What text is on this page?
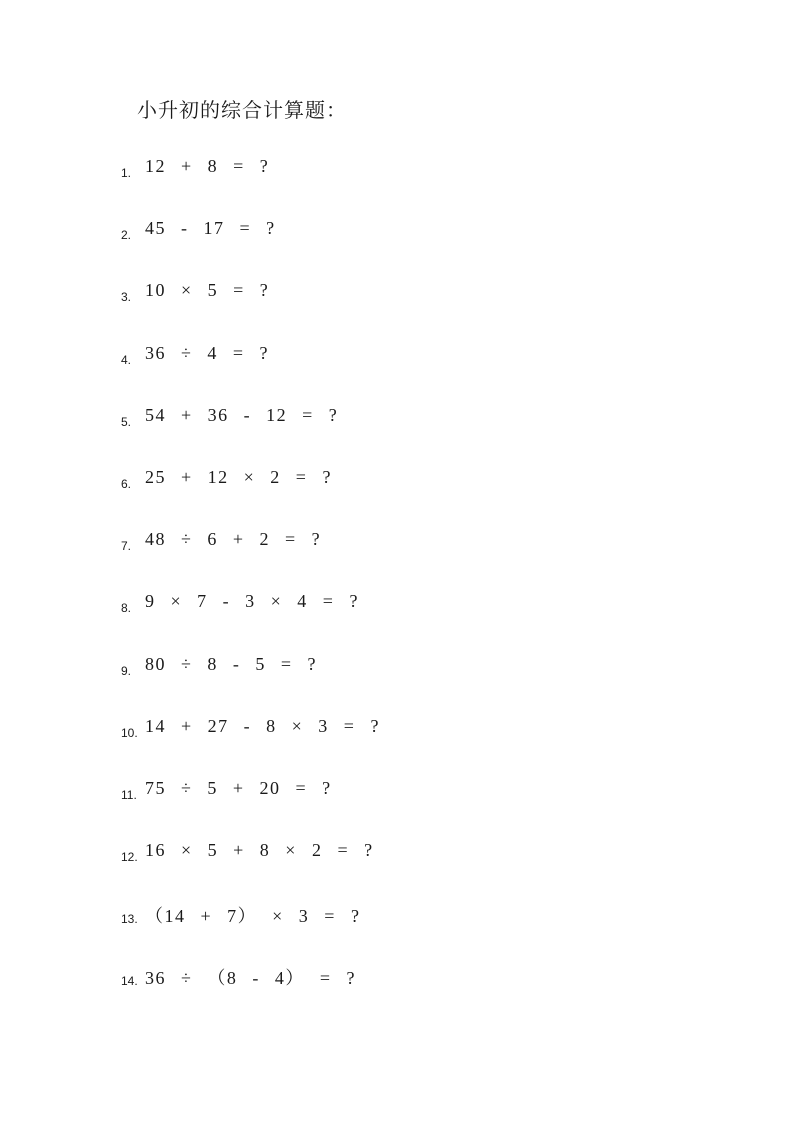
小升初的综合计算题：
1. 12 + 8 = ?
2. 45 - 17 = ?
3. 10 × 5 = ?
4. 36 ÷ 4 = ?
5. 54 + 36 - 12 = ?
6. 25 + 12 × 2 = ?
7. 48 ÷ 6 + 2 = ?
8. 9 × 7 - 3 × 4 = ?
9. 80 ÷ 8 - 5 = ?
10. 14 + 27 - 8 × 3 = ?
11. 75 ÷ 5 + 20 = ?
12. 16 × 5 + 8 × 2 = ?
13. （14 + 7） × 3 = ?
14. 36 ÷ （8 - 4） = ?
